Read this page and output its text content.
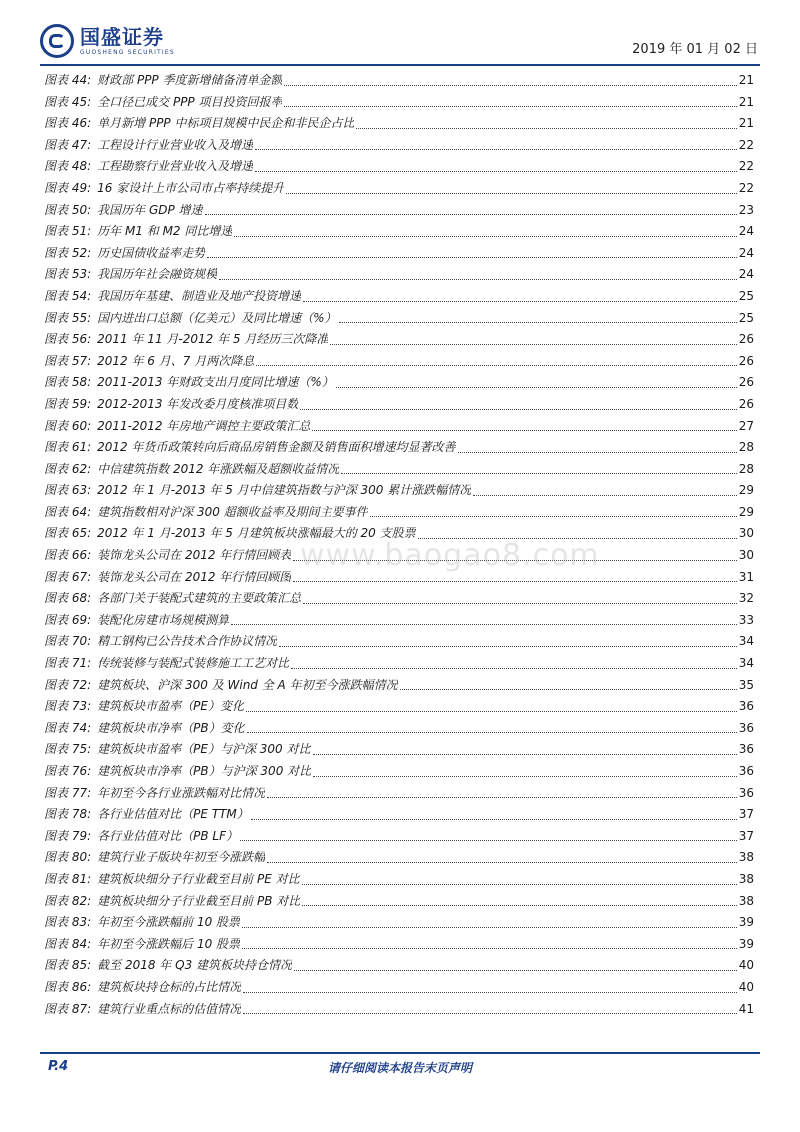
国盛证券
GUOSHENG SECURITIES	2019 年 01 月 02 日
图表 44: 财政部 PPP 季度新增储备清单金额	21
图表 45: 全口径已成交 PPP 项目投资回报率	21
图表 46: 单月新增 PPP 中标项目规模中民企和非民企占比	21
图表 47: 工程设计行业营业收入及增速	22
图表 48: 工程勘察行业营业收入及增速	22
图表 49: 16 家设计上市公司市占率持续提升	22
图表 50: 我国历年 GDP 增速	23
图表 51: 历年 M1 和 M2 同比增速	24
图表 52: 历史国债收益率走势	24
图表 53: 我国历年社会融资规模	24
图表 54: 我国历年基建、制造业及地产投资增速	25
图表 55: 国内进出口总额（亿美元）及同比增速（%）	25
图表 56: 2011 年 11 月-2012 年 5 月经历三次降准	26
图表 57: 2012 年 6 月、7 月两次降息	26
图表 58: 2011-2013 年财政支出月度同比增速（%）	26
图表 59: 2012-2013 年发改委月度核准项目数	26
图表 60: 2011-2012 年房地产调控主要政策汇总	27
图表 61: 2012 年货币政策转向后商品房销售金额及销售面积增速均显著改善	28
图表 62: 中信建筑指数 2012 年涨跌幅及超额收益情况	28
图表 63: 2012 年 1 月-2013 年 5 月中信建筑指数与沪深 300 累计涨跌幅情况	29
图表 64: 建筑指数相对沪深 300 超额收益率及期间主要事件	29
图表 65: 2012 年 1 月-2013 年 5 月建筑板块涨幅最大的 20 支股票	30
图表 66: 装饰龙头公司在 2012 年行情回顾表	30
图表 67: 装饰龙头公司在 2012 年行情回顾图	31
图表 68: 各部门关于装配式建筑的主要政策汇总	32
图表 69: 装配化房建市场规模测算	33
图表 70: 精工钢构已公告技术合作协议情况	34
图表 71: 传统装修与装配式装修施工工艺对比	34
图表 72: 建筑板块、沪深 300 及 Wind 全 A 年初至今涨跌幅情况	35
图表 73: 建筑板块市盈率（PE）变化	36
图表 74: 建筑板块市净率（PB）变化	36
图表 75: 建筑板块市盈率（PE）与沪深 300 对比	36
图表 76: 建筑板块市净率（PB）与沪深 300 对比	36
图表 77: 年初至今各行业涨跌幅对比情况	36
图表 78: 各行业估值对比（PE TTM）	37
图表 79: 各行业估值对比（PB LF）	37
图表 80: 建筑行业子版块年初至今涨跌幅	38
图表 81: 建筑板块细分子行业截至目前 PE 对比	38
图表 82: 建筑板块细分子行业截至目前 PB 对比	38
图表 83: 年初至今涨跌幅前 10 股票	39
图表 84: 年初至今涨跌幅后 10 股票	39
图表 85: 截至 2018 年 Q3 建筑板块持仓情况	40
图表 86: 建筑板块持仓标的占比情况	40
图表 87: 建筑行业重点标的估值情况	41
www.baogao8.com
请仔细阅读本报告末页声明
P.4
